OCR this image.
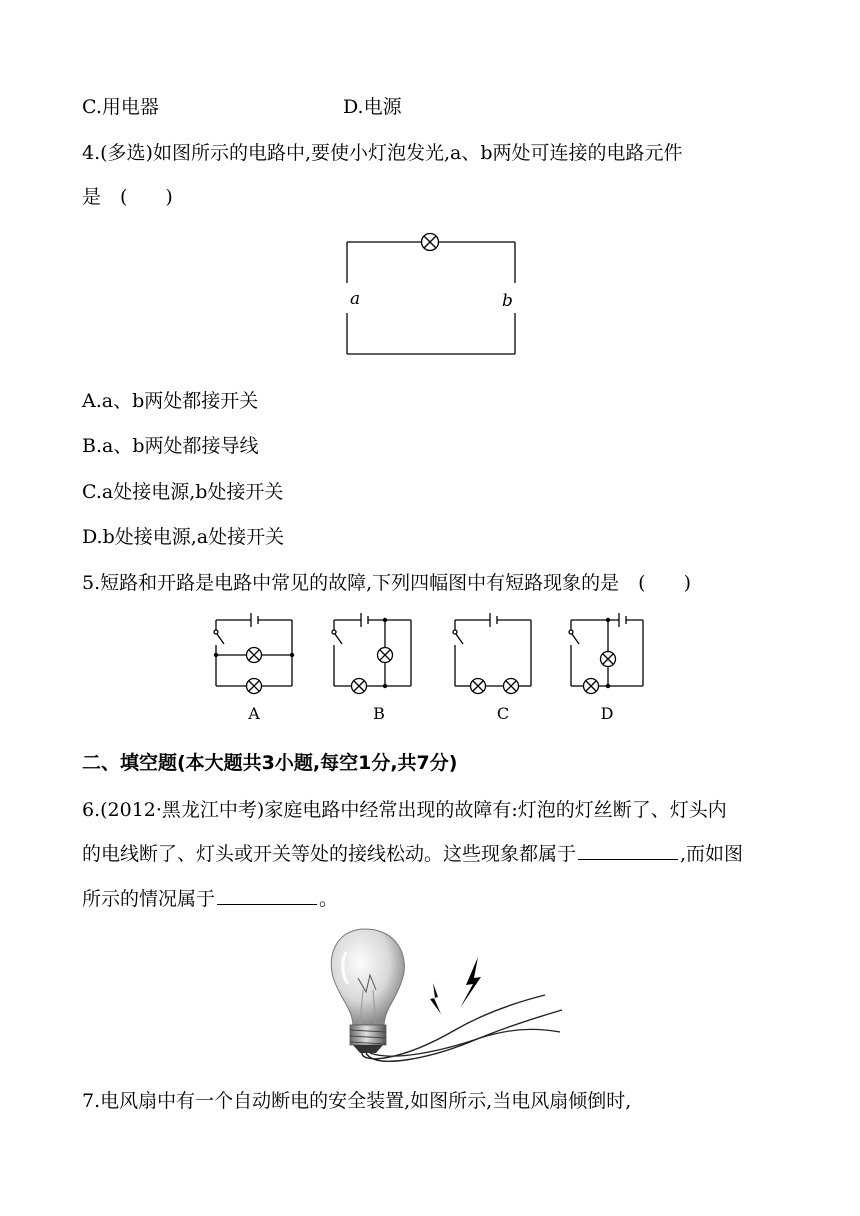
C.用电器	D.电源
4.(多选)如图所示的电路中,要使小灯泡发光,a、b两处可连接的电路元件
是　(　　)
a	b
A.a、b两处都接开关
B.a、b两处都接导线
C.a处接电源,b处接开关
D.b处接电源,a处接开关
5.短路和开路是电路中常见的故障,下列四幅图中有短路现象的是　(　　)
A	B	C	D
二、填空题(本大题共3小题,每空1分,共7分)
6.(2012·黑龙江中考)家庭电路中经常出现的故障有:灯泡的灯丝断了、灯头内
的电线断了、灯头或开关等处的接线松动。这些现象都属于	,而如图
所示的情况属于	。
7.电风扇中有一个自动断电的安全装置,如图所示,当电风扇倾倒时,
